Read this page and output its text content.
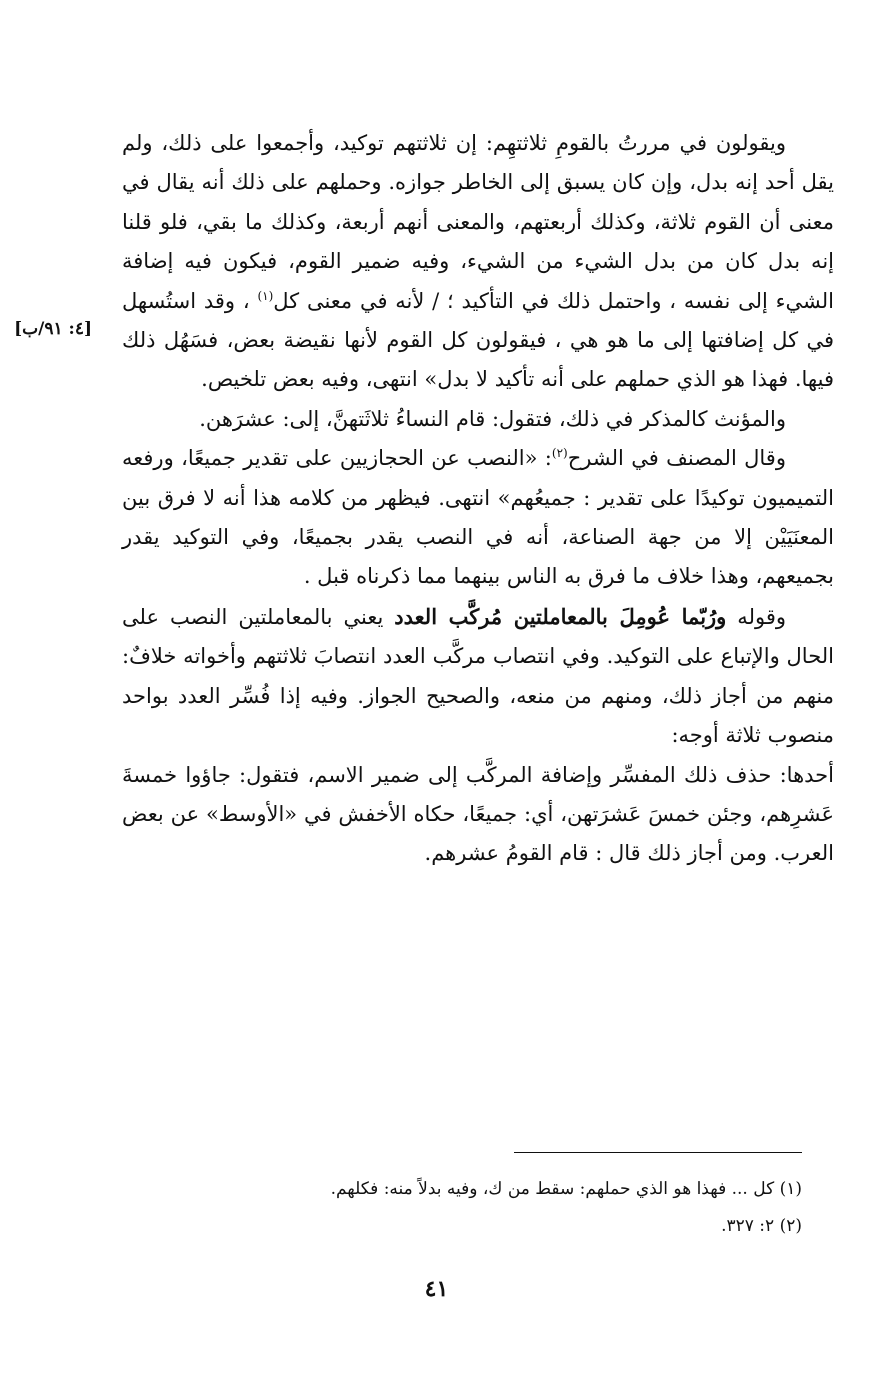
[٤: ٩١/ب]

ويقولون في مررتُ بالقومِ ثلاثتهِم: إن ثلاثتهم توكيد، وأجمعوا على ذلك، ولم يقل أحد إنه بدل، وإن كان يسبق إلى الخاطر جوازه. وحملهم على ذلك أنه يقال في معنى أن القوم ثلاثة، وكذلك أربعتهم، والمعنى أنهم أربعة، وكذلك ما بقي، فلو قلنا إنه بدل كان من بدل الشيء من الشيء، وفيه ضمير القوم، فيكون فيه إضافة الشيء إلى نفسه ، واحتمل ذلك في التأكيد ؛ / لأنه في معنى كل$^{(١)}$ ، وقد استُسهل في كل إضافتها إلى ما هو هي ، فيقولون كل القوم لأنها نقيضة بعض، فسَهُل ذلك فيها. فهذا هو الذي حملهم على أنه تأكيد لا بدل» انتهى، وفيه بعض تلخيص.

والمؤنث كالمذكر في ذلك، فتقول: قام النساءُ ثلاثَتهنَّ، إلى: عشرَهن.

وقال المصنف في الشرح$^{(٢)}$: «النصب عن الحجازيين على تقدير جميعًا، ورفعه التميميون توكيدًا على تقدير : جميعُهم» انتهى. فيظهر من كلامه هذا أنه لا فرق بين المعنَيَيْن إلا من جهة الصناعة، أنه في النصب يقدر بجميعًا، وفي التوكيد يقدر بجميعهم، وهذا خلاف ما فرق به الناس بينهما مما ذكرناه قبل .

وقوله ورُبّما عُومِلَ بالمعاملتين مُركَّب العدد يعني بالمعاملتين النصب على الحال والإتباع على التوكيد. وفي انتصاب مركَّب العدد انتصابَ ثلاثتهم وأخواته خلافٌ: منهم من أجاز ذلك، ومنهم من منعه، والصحيح الجواز. وفيه إذا فُسِّر العدد بواحد منصوب ثلاثة أوجه:

أحدها: حذف ذلك المفسِّر وإضافة المركَّب إلى ضمير الاسم، فتقول: جاؤوا خمسةَ عَشرِهم، وجئن خمسَ عَشرَتهن، أي: جميعًا، حكاه الأخفش في «الأوسط» عن بعض العرب. ومن أجاز ذلك قال : قام القومُ عشرهم.

(١) كل ... فهذا هو الذي حملهم: سقط من ك، وفيه بدلاً منه: فكلهم.

(٢) ٢: ٣٢٧.

٤١
